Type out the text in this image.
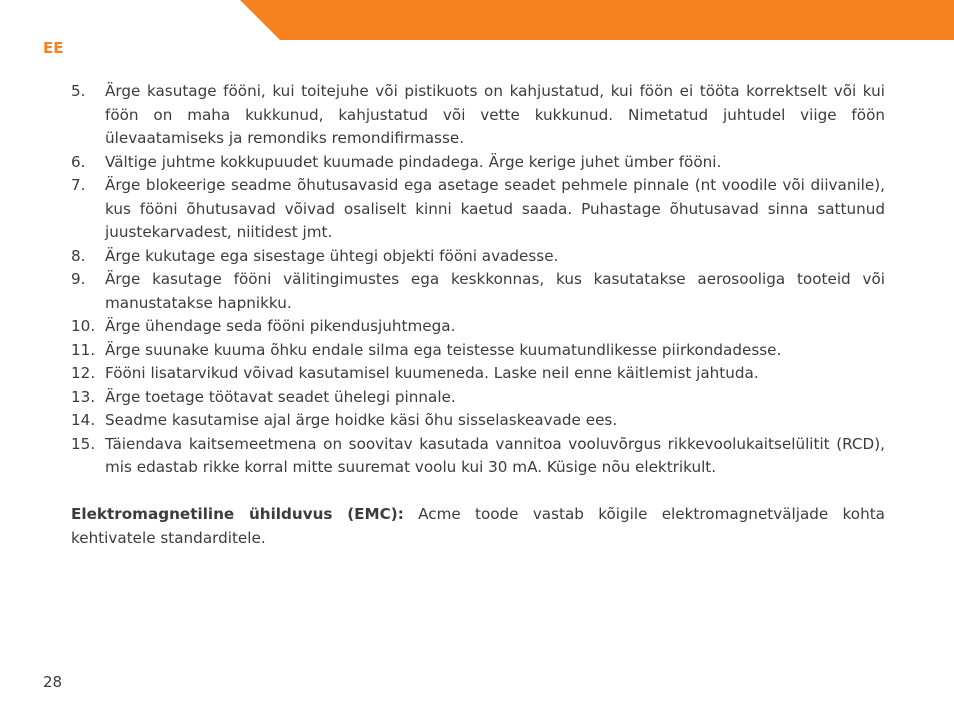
EE
5.	Ärge kasutage fööni, kui toitejuhe või pistikuots on kahjustatud, kui föön ei tööta korrektselt või kui föön on maha kukkunud, kahjustatud või vette kukkunud. Nimetatud juhtudel viige föön ülevaatamiseks ja remondiks remondifirmasse.
6.	Vältige juhtme kokkupuudet kuumade pindadega. Ärge kerige juhet ümber fööni.
7.	Ärge blokeerige seadme õhutusavasid ega asetage seadet pehmele pinnale (nt voodile või diivanile), kus fööni õhutusavad võivad osaliselt kinni kaetud saada. Puhastage õhutusavad sinna sattunud juustekarvadest, niitidest jmt.
8.	Ärge kukutage ega sisestage ühtegi objekti fööni avadesse.
9.	Ärge kasutage fööni välitingimustes ega keskkonnas, kus kasutatakse aerosooliga tooteid või manustatakse hapnikku.
10. Ärge ühendage seda fööni pikendusjuhtmega.
11. Ärge suunake kuuma õhku endale silma ega teistesse kuumatundlikesse piirkondadesse.
12. Fööni lisatarvikud võivad kasutamisel kuumeneda. Laske neil enne käitlemist jahtuda.
13. Ärge toetage töötavat seadet ühelegi pinnale.
14. Seadme kasutamise ajal ärge hoidke käsi õhu sisselaskeavade ees.
15. Täiendava kaitsemeetmena on soovitav kasutada vannitoa vooluvõrgus rikkevoolukaitselülitit (RCD), mis edastab rikke korral mitte suuremat voolu kui 30 mA. Küsige nõu elektrikult.

Elektromagnetiline ühilduvus (EMC): Acme toode vastab kõigile elektromagnetväljade kohta kehtivatele standarditele.

28
